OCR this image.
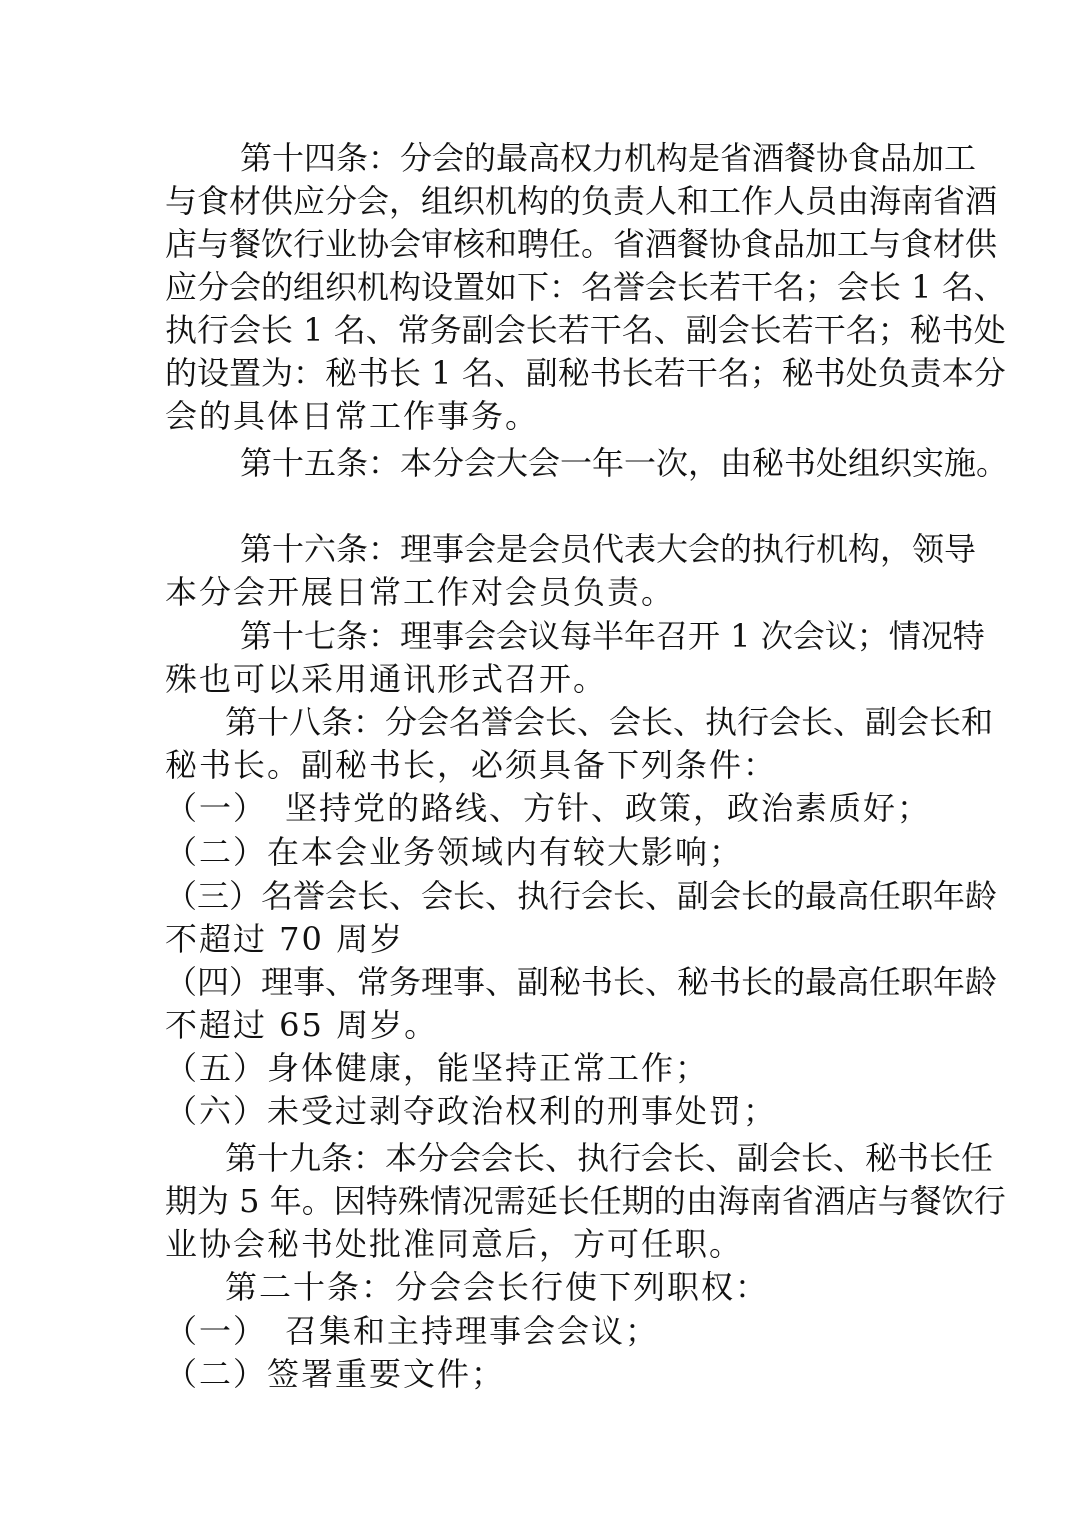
第十四条：分会的最高权力机构是省酒餐协食品加工
与食材供应分会，组织机构的负责人和工作人员由海南省酒
店与餐饮行业协会审核和聘任。省酒餐协食品加工与食材供
应分会的组织机构设置如下：名誉会长若干名；会长 1 名、
执行会长 1 名、常务副会长若干名、副会长若干名；秘书处
的设置为：秘书长 1 名、副秘书长若干名；秘书处负责本分
会的具体日常工作事务。
第十五条：本分会大会一年一次，由秘书处组织实施。
第十六条：理事会是会员代表大会的执行机构，领导
本分会开展日常工作对会员负责。
第十七条：理事会会议每半年召开 1 次会议；情况特
殊也可以采用通讯形式召开。
第十八条：分会名誉会长、会长、执行会长、副会长和
秘书长。副秘书长，必须具备下列条件：
（一）　坚持党的路线、方针、政策，政治素质好；
（二）在本会业务领域内有较大影响；
（三）名誉会长、会长、执行会长、副会长的最高任职年龄
不超过 70 周岁
（四）理事、常务理事、副秘书长、秘书长的最高任职年龄
不超过 65 周岁。
（五）身体健康，能坚持正常工作；
（六）未受过剥夺政治权利的刑事处罚；
第十九条：本分会会长、执行会长、副会长、秘书长任
期为 5 年。因特殊情况需延长任期的由海南省酒店与餐饮行
业协会秘书处批准同意后，方可任职。
第二十条：分会会长行使下列职权：
（一）　召集和主持理事会会议；
（二）签署重要文件；
